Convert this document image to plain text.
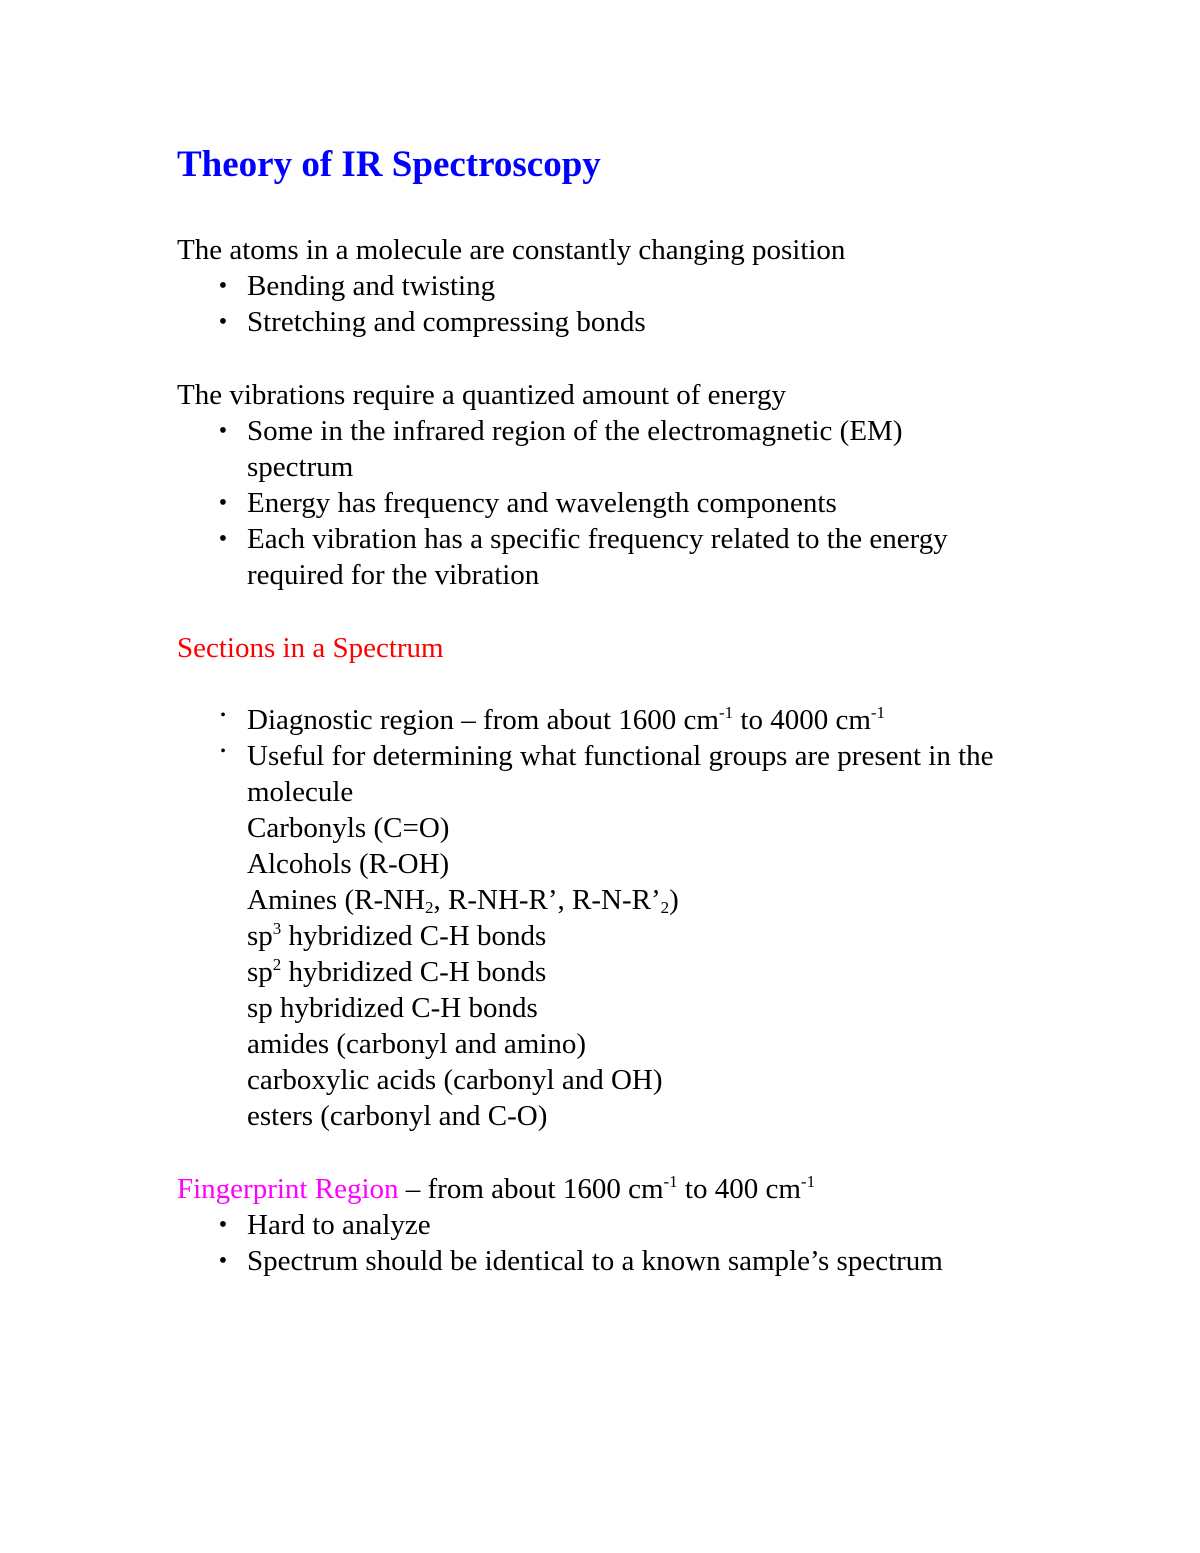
Theory of IR Spectroscopy
The atoms in a molecule are constantly changing position
• Bending and twisting
• Stretching and compressing bonds
The vibrations require a quantized amount of energy
• Some in the infrared region of the electromagnetic (EM) spectrum
• Energy has frequency and wavelength components
• Each vibration has a specific frequency related to the energy required for the vibration
Sections in a Spectrum
• Diagnostic region – from about 1600 $cm^{-1}$ to 4000 $cm^{-1}$
• Useful for determining what functional groups are present in the molecule
Carbonyls (C=O)
Alcohols (R-OH)
Amines ($R-NH_2$, R-NH-R’, $R-N-R’_2$)
$sp^3$ hybridized C-H bonds
$sp^2$ hybridized C-H bonds
sp hybridized C-H bonds
amides (carbonyl and amino)
carboxylic acids (carbonyl and OH)
esters (carbonyl and C-O)
Fingerprint Region – from about 1600 $cm^{-1}$ to 400 $cm^{-1}$
• Hard to analyze
• Spectrum should be identical to a known sample’s spectrum
